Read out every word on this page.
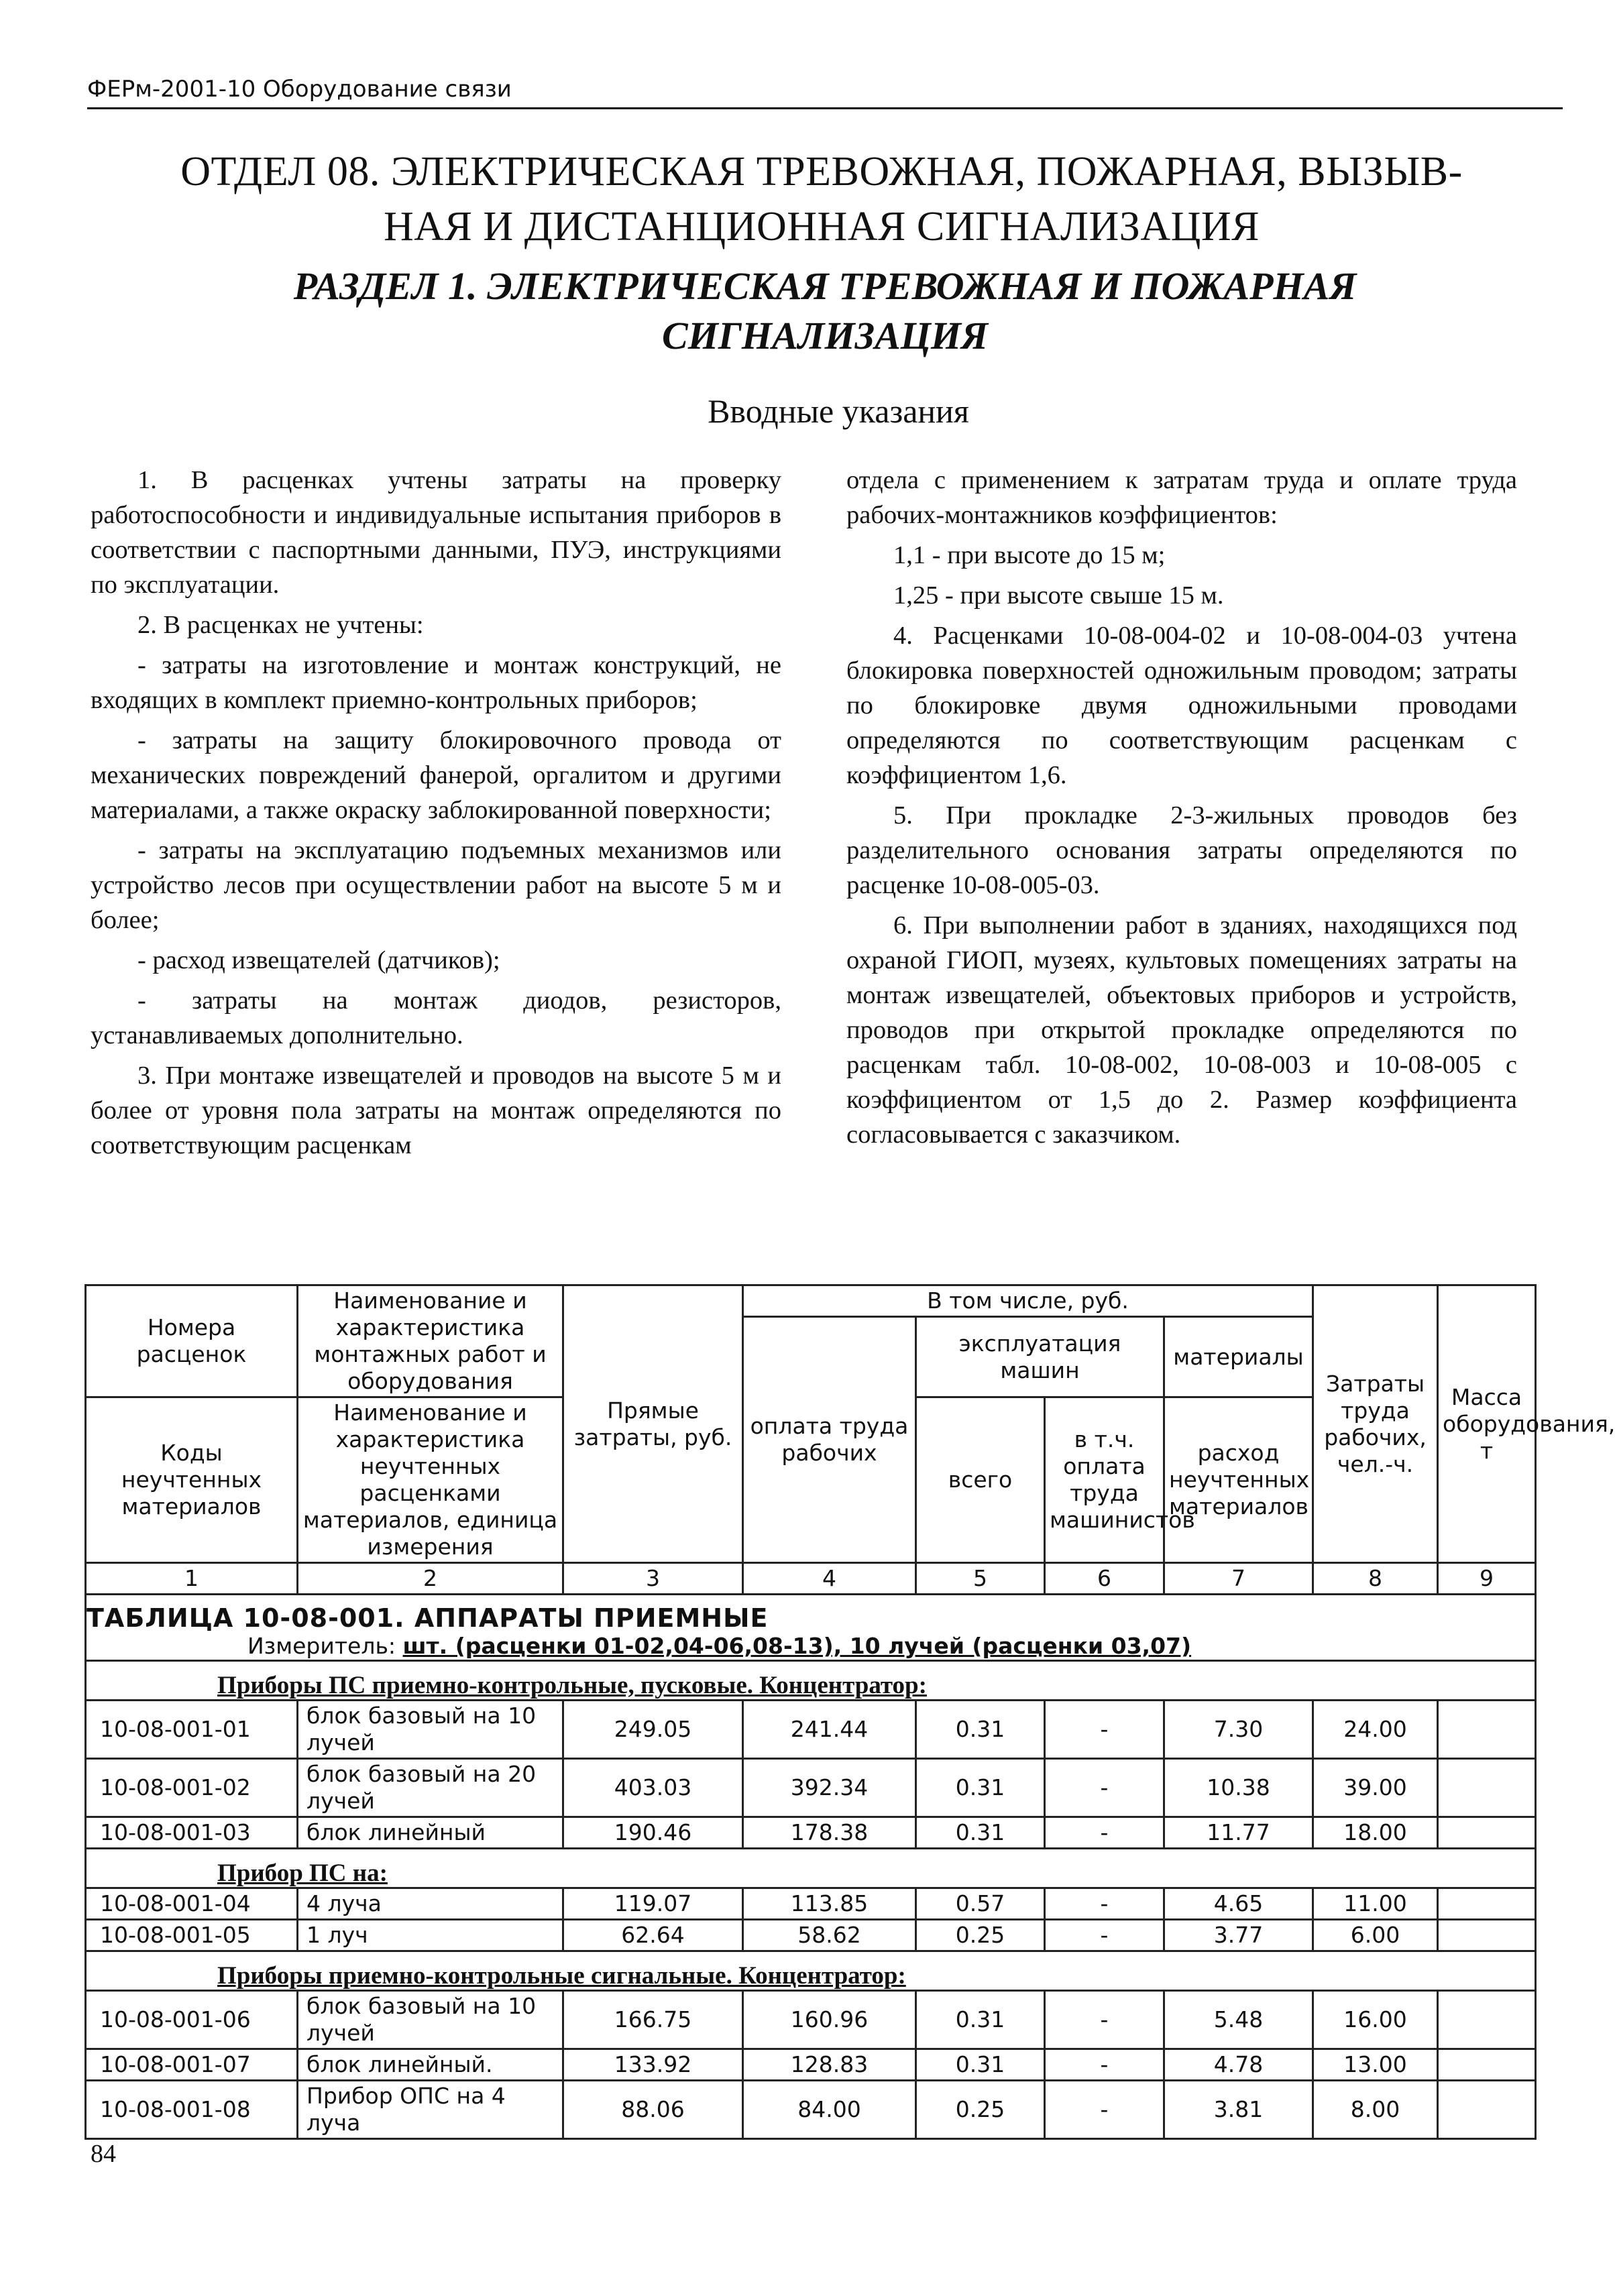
ФЕРм-2001-10 Оборудование связи
ОТДЕЛ 08. ЭЛЕКТРИЧЕСКАЯ ТРЕВОЖНАЯ, ПОЖАРНАЯ, ВЫЗЫВ-
НАЯ И ДИСТАНЦИОННАЯ СИГНАЛИЗАЦИЯ
РАЗДЕЛ 1. ЭЛЕКТРИЧЕСКАЯ ТРЕВОЖНАЯ И ПОЖАРНАЯ
СИГНАЛИЗАЦИЯ
Вводные указания

1. В расценках учтены затраты на проверку работоспособности и индивидуальные испытания приборов в соответствии с паспортными данными, ПУЭ, инструкциями по эксплуатации.

2. В расценках не учтены:

- затраты на изготовление и монтаж конструкций, не входящих в комплект приемно-контрольных приборов;

- затраты на защиту блокировочного провода от механических повреждений фанерой, оргалитом и другими материалами, а также окраску заблокированной поверхности;

- затраты на эксплуатацию подъемных механизмов или устройство лесов при осуществлении работ на высоте 5 м и более;

- расход извещателей (датчиков);

- затраты на монтаж диодов, резисторов, устанавливаемых дополнительно.

3. При монтаже извещателей и проводов на высоте 5 м и более от уровня пола затраты на монтаж определяются по соответствующим расценкам

отдела с применением к затратам труда и оплате труда рабочих-монтажников коэффициентов:

1,1 - при высоте до 15 м;

1,25 - при высоте свыше 15 м.

4. Расценками 10-08-004-02 и 10-08-004-03 учтена блокировка поверхностей одножильным проводом; затраты по блокировке двумя одножильными проводами определяются по соответствующим расценкам с коэффициентом 1,6.

5. При прокладке 2-3-жильных проводов без разделительного основания затраты определяются по расценке 10-08-005-03.

6. При выполнении работ в зданиях, находящихся под охраной ГИОП, музеях, культовых помещениях затраты на монтаж извещателей, объектовых приборов и устройств, проводов при открытой прокладке определяются по расценкам табл. 10-08-002, 10-08-003 и 10-08-005 с коэффициентом от 1,5 до 2. Размер коэффициента согласовывается с заказчиком.

Номера расценок	Наименование и характеристика монтажных работ и оборудования	Прямые затраты, руб.	В том числе, руб.				Затраты труда рабочих, чел.-ч.	Масса оборудования, т
			оплата труда рабочих	эксплуатация машин		материалы		
Коды неучтенных материалов	Наименование и характеристика неучтенных расценками материалов, единица измерения			всего	в т.ч. оплата труда машинистов	расход неучтенных материалов		

1	2	3	4	5	6	7	8	9
ТАБЛИЦА 10-08-001. АППАРАТЫ ПРИЕМНЫЕ								
Измеритель: шт. (расценки 01-02,04-06,08-13), 10 лучей (расценки 03,07)								
Приборы ПС приемно-контрольные, пусковые. Концентратор:								
10-08-001-01	блок базовый на 10 лучей	249.05	241.44	0.31	-	7.30	24.00	
10-08-001-02	блок базовый на 20 лучей	403.03	392.34	0.31	-	10.38	39.00	
10-08-001-03	блок линейный	190.46	178.38	0.31	-	11.77	18.00	
Прибор ПС на:								
10-08-001-04	4 луча	119.07	113.85	0.57	-	4.65	11.00	
10-08-001-05	1 луч	62.64	58.62	0.25	-	3.77	6.00	
Приборы приемно-контрольные сигнальные. Концентратор:								
10-08-001-06	блок базовый на 10 лучей	166.75	160.96	0.31	-	5.48	16.00	
10-08-001-07	блок линейный.	133.92	128.83	0.31	-	4.78	13.00	
10-08-001-08	Прибор ОПС на 4 луча	88.06	84.00	0.25	-	3.81	8.00	
84
